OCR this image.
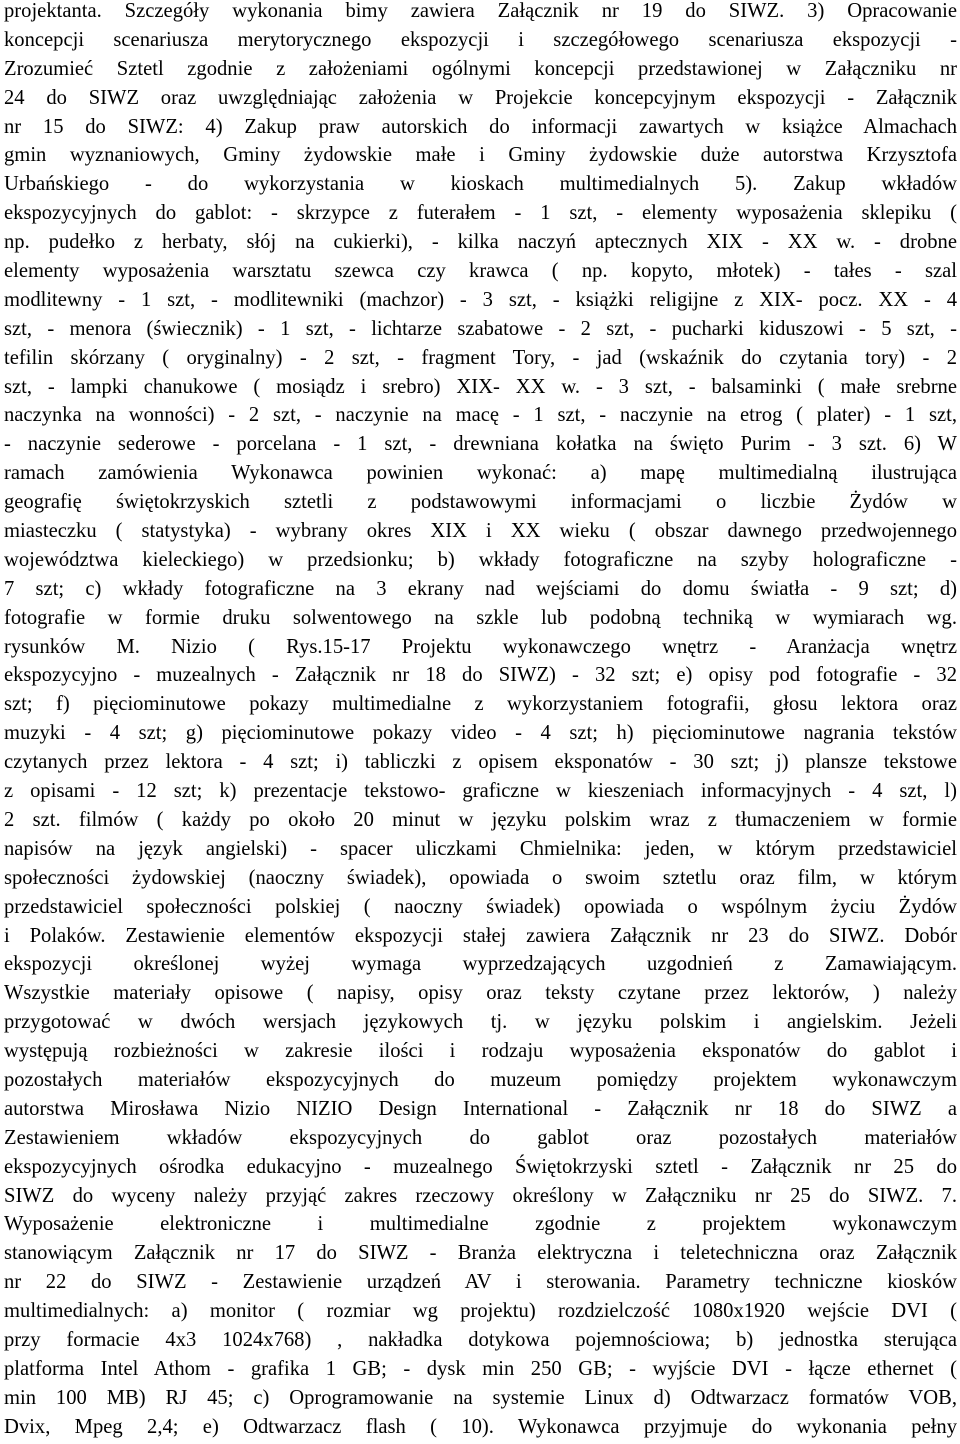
projektanta. Szczegóły wykonania bimy zawiera Załącznik nr 19 do SIWZ. 3) Opracowanie
koncepcji scenariusza merytorycznego ekspozycji i szczegółowego scenariusza ekspozycji -
Zrozumieć Sztetl zgodnie z założeniami ogólnymi koncepcji przedstawionej w Załączniku nr
24 do SIWZ oraz uwzględniając założenia w Projekcie koncepcyjnym ekspozycji - Załącznik
nr 15 do SIWZ: 4) Zakup praw autorskich do informacji zawartych w książce Almachach
gmin wyznaniowych, Gminy żydowskie małe i Gminy żydowskie duże autorstwa Krzysztofa
Urbańskiego - do wykorzystania w kioskach multimedialnych 5). Zakup wkładów
ekspozycyjnych do gablot: - skrzypce z futerałem - 1 szt, - elementy wyposażenia sklepiku (
np. pudełko z herbaty, słój na cukierki), - kilka naczyń aptecznych XIX - XX w. - drobne
elementy wyposażenia warsztatu szewca czy krawca ( np. kopyto, młotek) - tałes - szal
modlitewny - 1 szt, - modlitewniki (machzor) - 3 szt, - książki religijne z XIX- pocz. XX - 4
szt, - menora (świecznik) - 1 szt, - lichtarze szabatowe - 2 szt, - pucharki kiduszowi - 5 szt, -
tefilin skórzany ( oryginalny) - 2 szt, - fragment Tory, - jad (wskaźnik do czytania tory) - 2
szt, - lampki chanukowe ( mosiądz i srebro) XIX- XX w. - 3 szt, - balsaminki ( małe srebrne
naczynka na wonności) - 2 szt, - naczynie na macę - 1 szt, - naczynie na etrog ( plater) - 1 szt,
- naczynie sederowe - porcelana - 1 szt, - drewniana kołatka na święto Purim - 3 szt. 6) W
ramach zamówienia Wykonawca powinien wykonać: a) mapę multimedialną ilustrująca
geografię świętokrzyskich sztetli z podstawowymi informacjami o liczbie Żydów w
miasteczku ( statystyka) - wybrany okres XIX i XX wieku ( obszar dawnego przedwojennego
województwa kieleckiego) w przedsionku; b) wkłady fotograficzne na szyby holograficzne -
7 szt; c) wkłady fotograficzne na 3 ekrany nad wejściami do domu światła - 9 szt; d)
fotografie w formie druku solwentowego na szkle lub podobną techniką w wymiarach wg.
rysunków M. Nizio ( Rys.15-17 Projektu wykonawczego wnętrz - Aranżacja wnętrz
ekspozycyjno - muzealnych - Załącznik nr 18 do SIWZ) - 32 szt; e) opisy pod fotografie - 32
szt; f) pięciominutowe pokazy multimedialne z wykorzystaniem fotografii, głosu lektora oraz
muzyki - 4 szt; g) pięciominutowe pokazy video - 4 szt; h) pięciominutowe nagrania tekstów
czytanych przez lektora - 4 szt; i) tabliczki z opisem eksponatów - 30 szt; j) plansze tekstowe
z opisami - 12 szt; k) prezentacje tekstowo- graficzne w kieszeniach informacyjnych - 4 szt, l)
2 szt. filmów ( każdy po około 20 minut w języku polskim wraz z tłumaczeniem w formie
napisów na język angielski) - spacer uliczkami Chmielnika: jeden, w którym przedstawiciel
społeczności żydowskiej (naoczny świadek), opowiada o swoim sztetlu oraz film, w którym
przedstawiciel społeczności polskiej ( naoczny świadek) opowiada o wspólnym życiu Żydów
i Polaków. Zestawienie elementów ekspozycji stałej zawiera Załącznik nr 23 do SIWZ. Dobór
ekspozycji określonej wyżej wymaga wyprzedzających uzgodnień z Zamawiającym.
Wszystkie materiały opisowe ( napisy, opisy oraz teksty czytane przez lektorów, ) należy
przygotować w dwóch wersjach językowych tj. w języku polskim i angielskim. Jeżeli
występują rozbieżności w zakresie ilości i rodzaju wyposażenia eksponatów do gablot i
pozostałych materiałów ekspozycyjnych do muzeum pomiędzy projektem wykonawczym
autorstwa Mirosława Nizio NIZIO Design International - Załącznik nr 18 do SIWZ a
Zestawieniem wkładów ekspozycyjnych do gablot oraz pozostałych materiałów
ekspozycyjnych ośrodka edukacyjno - muzealnego Świętokrzyski sztetl - Załącznik nr 25 do
SIWZ do wyceny należy przyjąć zakres rzeczowy określony w Załączniku nr 25 do SIWZ. 7.
Wyposażenie elektroniczne i multimedialne zgodnie z projektem wykonawczym
stanowiącym Załącznik nr 17 do SIWZ - Branża elektryczna i teletechniczna oraz Załącznik
nr 22 do SIWZ - Zestawienie urządzeń AV i sterowania. Parametry techniczne kiosków
multimedialnych: a) monitor ( rozmiar wg projektu) rozdzielczość 1080x1920 wejście DVI (
przy formacie 4x3 1024x768) , nakładka dotykowa pojemnościowa; b) jednostka sterująca
platforma Intel Athom - grafika 1 GB; - dysk min 250 GB; - wyjście DVI - łącze ethernet (
min 100 MB) RJ 45; c) Oprogramowanie na systemie Linux d) Odtwarzacz formatów VOB,
Dvix, Mpeg 2,4; e) Odtwarzacz flash ( 10). Wykonawca przyjmuje do wykonania pełny
